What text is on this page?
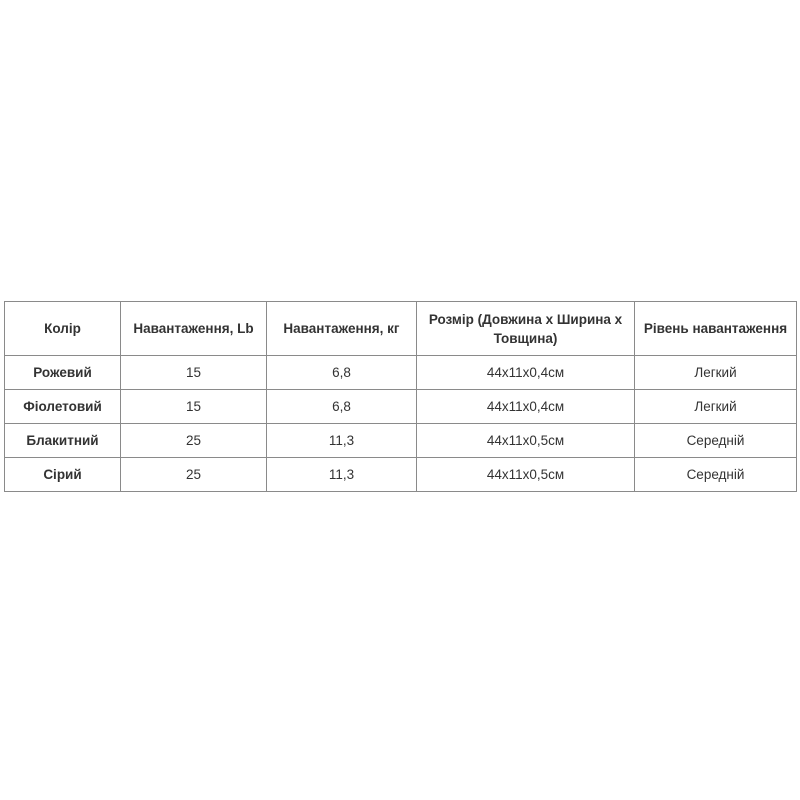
Колір	Навантаження, Lb	Навантаження, кг	Розмір (Довжина х Ширина х Товщина)	Рівень навантаження
Рожевий	15	6,8	44x11x0,4см	Легкий
Фіолетовий	15	6,8	44x11x0,4см	Легкий
Блакитний	25	11,3	44x11x0,5см	Середній
Сірий	25	11,3	44x11x0,5см	Середній
